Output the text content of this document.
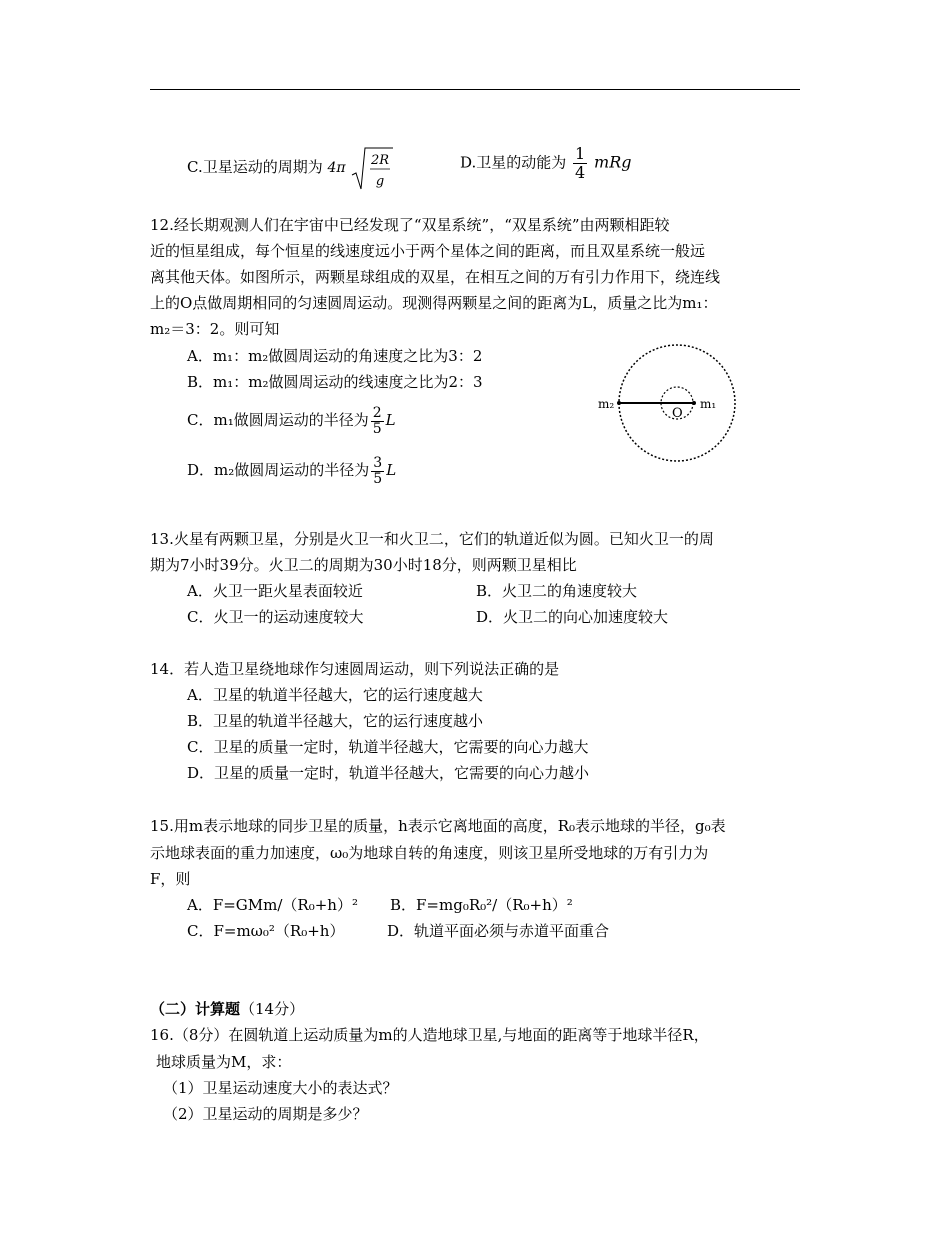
C.卫星运动的周期为 4π 2R
g
D.卫星的动能为 $\frac{1}{4}$ mRg
12.经长期观测人们在宇宙中已经发现了“双星系统”，“双星系统”由两颗相距较
近的恒星组成，每个恒星的线速度远小于两个星体之间的距离，而且双星系统一般远
离其他天体。如图所示，两颗星球组成的双星，在相互之间的万有引力作用下，绕连线
上的O点做周期相同的匀速圆周运动。现测得两颗星之间的距离为L，质量之比为m₁：
m₂＝3：2。则可知
A．m₁：m₂做圆周运动的角速度之比为3：2
B．m₁：m₂做圆周运动的线速度之比为2：3
C．m₁做圆周运动的半径为 $\frac{2}{5}$ L
D．m₂做圆周运动的半径为 $\frac{3}{5}$ L
m₂	m₁
O
13.火星有两颗卫星，分别是火卫一和火卫二，它们的轨道近似为圆。已知火卫一的周
期为7小时39分。火卫二的周期为30小时18分，则两颗卫星相比
A．火卫一距火星表面较近	B．火卫二的角速度较大
C．火卫一的运动速度较大	D．火卫二的向心加速度较大
14．若人造卫星绕地球作匀速圆周运动，则下列说法正确的是
A．卫星的轨道半径越大，它的运行速度越大
B．卫星的轨道半径越大，它的运行速度越小
C．卫星的质量一定时，轨道半径越大，它需要的向心力越大
D．卫星的质量一定时，轨道半径越大，它需要的向心力越小
15.用m表示地球的同步卫星的质量，h表示它离地面的高度，R₀表示地球的半径，g₀表
示地球表面的重力加速度，ω₀为地球自转的角速度，则该卫星所受地球的万有引力为
F，则
A．F=GMm/（R₀+h）² B．F=mg₀R₀²/（R₀+h）²
C．F=mω₀²（R₀+h）	D．轨道平面必须与赤道平面重合
（二）计算题（14分）
16.（8分）在圆轨道上运动质量为m的人造地球卫星,与地面的距离等于地球半径R，
地球质量为M，求：
（1）卫星运动速度大小的表达式？
（2）卫星运动的周期是多少？
